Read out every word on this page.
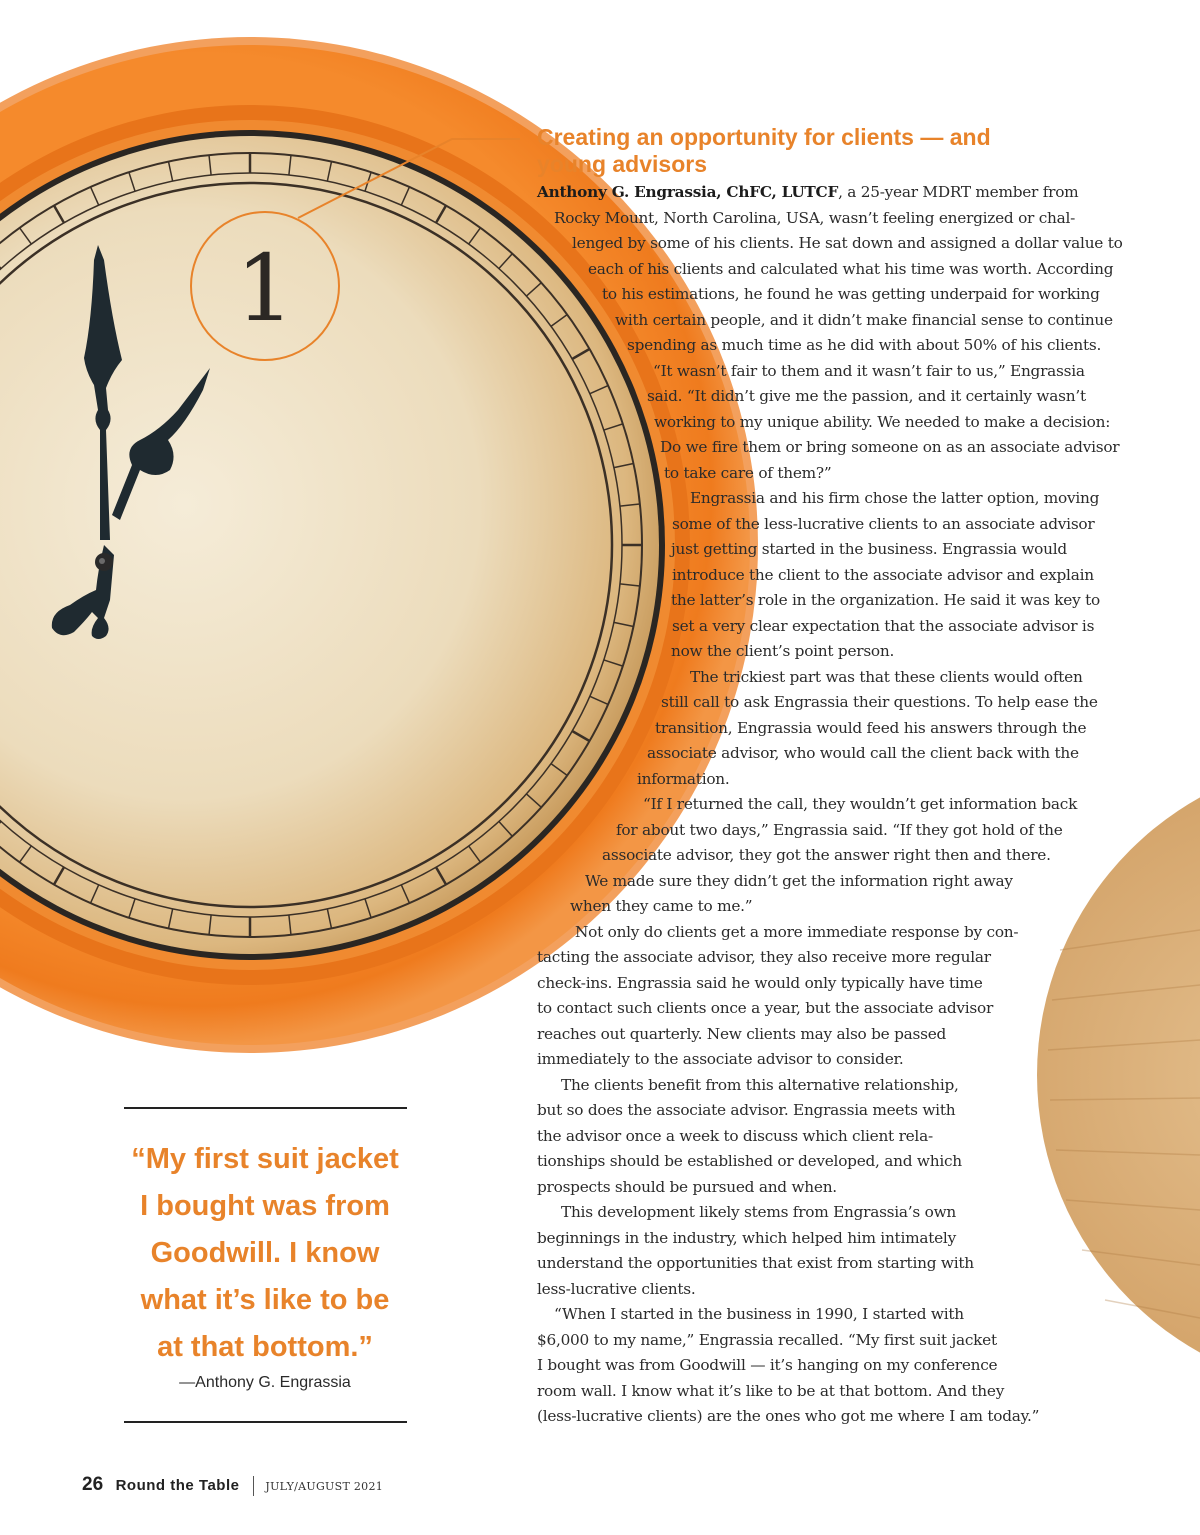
1
Creating an opportunity for clients — and young advisors
Anthony G. Engrassia, ChFC, LUTCF, a 25-year MDRT member from
Rocky Mount, North Carolina, USA, wasn’t feeling energized or chal-
lenged by some of his clients. He sat down and assigned a dollar value to
each of his clients and calculated what his time was worth. According
to his estimations, he found he was getting underpaid for working
with certain people, and it didn’t make financial sense to continue
spending as much time as he did with about 50% of his clients.
“It wasn’t fair to them and it wasn’t fair to us,” Engrassia
said. “It didn’t give me the passion, and it certainly wasn’t
working to my unique ability. We needed to make a decision:
Do we fire them or bring someone on as an associate advisor
to take care of them?”
Engrassia and his firm chose the latter option, moving
some of the less-lucrative clients to an associate advisor
just getting started in the business. Engrassia would
introduce the client to the associate advisor and explain
the latter’s role in the organization. He said it was key to
set a very clear expectation that the associate advisor is
now the client’s point person.
The trickiest part was that these clients would often
still call to ask Engrassia their questions. To help ease the
transition, Engrassia would feed his answers through the
associate advisor, who would call the client back with the
information.
“If I returned the call, they wouldn’t get information back
for about two days,” Engrassia said. “If they got hold of the
associate advisor, they got the answer right then and there.
We made sure they didn’t get the information right away
when they came to me.”
Not only do clients get a more immediate response by con-
tacting the associate advisor, they also receive more regular
check-ins. Engrassia said he would only typically have time
to contact such clients once a year, but the associate advisor
reaches out quarterly. New clients may also be passed
immediately to the associate advisor to consider.
The clients benefit from this alternative relationship,
but so does the associate advisor. Engrassia meets with
the advisor once a week to discuss which client rela-
tionships should be established or developed, and which
prospects should be pursued and when.
This development likely stems from Engrassia’s own
beginnings in the industry, which helped him intimately
understand the opportunities that exist from starting with
less-lucrative clients.
“When I started in the business in 1990, I started with
$6,000 to my name,” Engrassia recalled. “My first suit jacket
I bought was from Goodwill — it’s hanging on my conference
room wall. I know what it’s like to be at that bottom. And they
(less-lucrative clients) are the ones who got me where I am today.”
“My first suit jacket
I bought was from
Goodwill. I know
what it’s like to be
at that bottom.”
—Anthony G. Engrassia
26 Round the Table JULY/AUGUST 2021
